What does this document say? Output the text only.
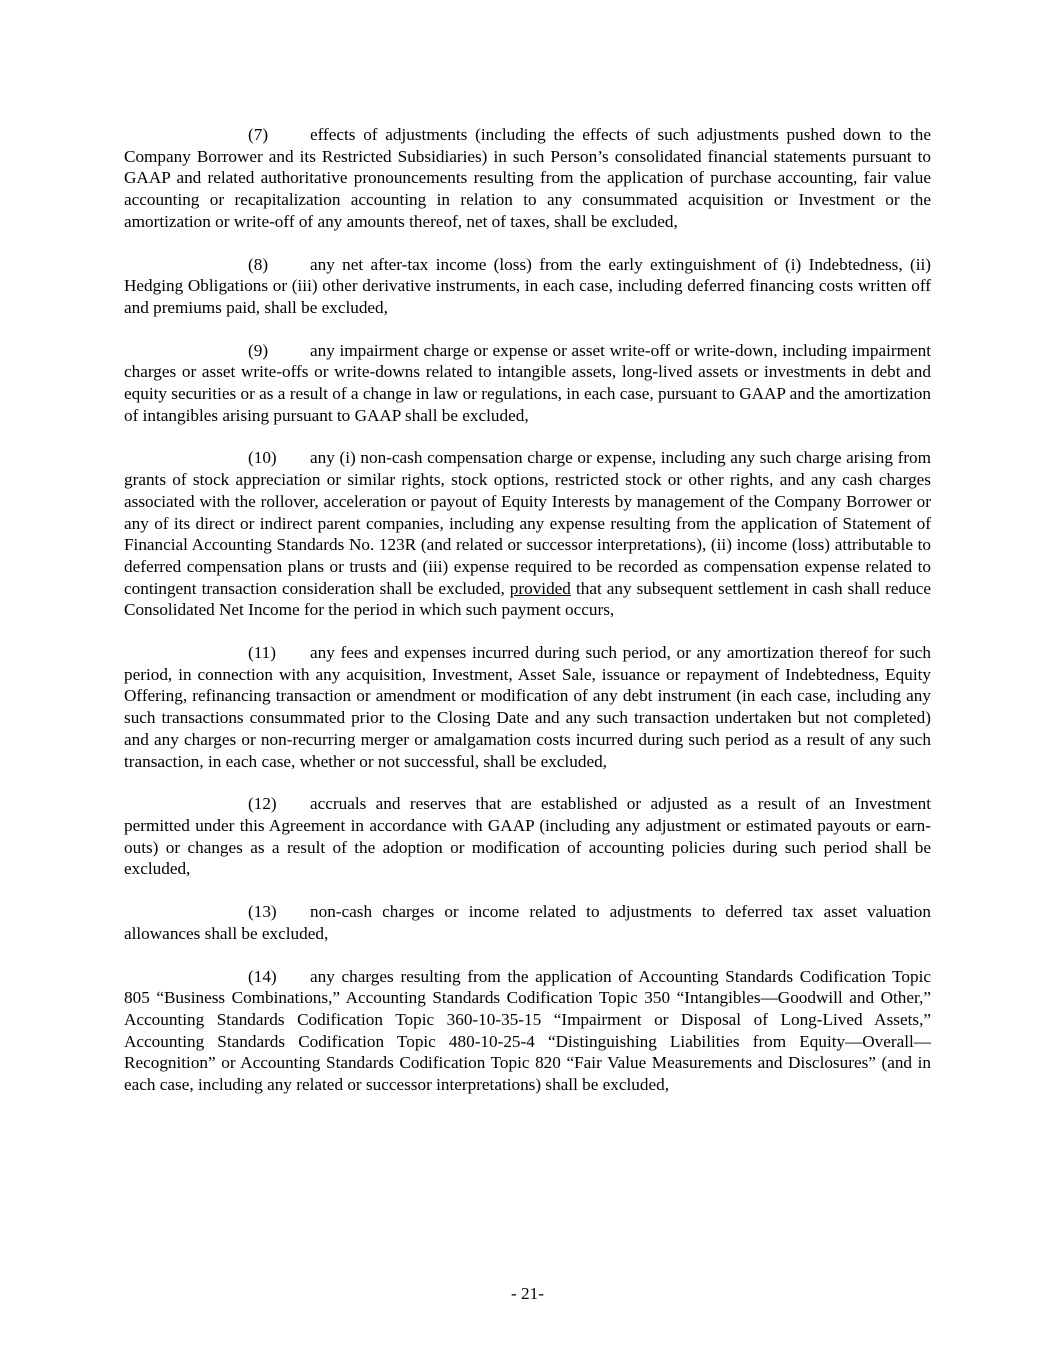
(7) effects of adjustments (including the effects of such adjustments pushed down to the Company Borrower and its Restricted Subsidiaries) in such Person’s consolidated financial statements pursuant to GAAP and related authoritative pronouncements resulting from the application of purchase accounting, fair value accounting or recapitalization accounting in relation to any consummated acquisition or Investment or the amortization or write-off of any amounts thereof, net of taxes, shall be excluded,

(8) any net after-tax income (loss) from the early extinguishment of (i) Indebtedness, (ii) Hedging Obligations or (iii) other derivative instruments, in each case, including deferred financing costs written off and premiums paid, shall be excluded,

(9) any impairment charge or expense or asset write-off or write-down, including impairment charges or asset write-offs or write-downs related to intangible assets, long-lived assets or investments in debt and equity securities or as a result of a change in law or regulations, in each case, pursuant to GAAP and the amortization of intangibles arising pursuant to GAAP shall be excluded,

(10) any (i) non-cash compensation charge or expense, including any such charge arising from grants of stock appreciation or similar rights, stock options, restricted stock or other rights, and any cash charges associated with the rollover, acceleration or payout of Equity Interests by management of the Company Borrower or any of its direct or indirect parent companies, including any expense resulting from the application of Statement of Financial Accounting Standards No. 123R (and related or successor interpretations), (ii) income (loss) attributable to deferred compensation plans or trusts and (iii) expense required to be recorded as compensation expense related to contingent transaction consideration shall be excluded, provided that any subsequent settlement in cash shall reduce Consolidated Net Income for the period in which such payment occurs,

(11) any fees and expenses incurred during such period, or any amortization thereof for such period, in connection with any acquisition, Investment, Asset Sale, issuance or repayment of Indebtedness, Equity Offering, refinancing transaction or amendment or modification of any debt instrument (in each case, including any such transactions consummated prior to the Closing Date and any such transaction undertaken but not completed) and any charges or non-recurring merger or amalgamation costs incurred during such period as a result of any such transaction, in each case, whether or not successful, shall be excluded,

(12) accruals and reserves that are established or adjusted as a result of an Investment permitted under this Agreement in accordance with GAAP (including any adjustment or estimated payouts or earn-outs) or changes as a result of the adoption or modification of accounting policies during such period shall be excluded,

(13) non-cash charges or income related to adjustments to deferred tax asset valuation allowances shall be excluded,

(14) any charges resulting from the application of Accounting Standards Codification Topic 805 “Business Combinations,” Accounting Standards Codification Topic 350 “Intangibles—Goodwill and Other,” Accounting Standards Codification Topic 360-10-35-15 “Impairment or Disposal of Long-Lived Assets,” Accounting Standards Codification Topic 480-10-25-4 “Distinguishing Liabilities from Equity—Overall—Recognition” or Accounting Standards Codification Topic 820 “Fair Value Measurements and Disclosures” (and in each case, including any related or successor interpretations) shall be excluded,

- 21-
